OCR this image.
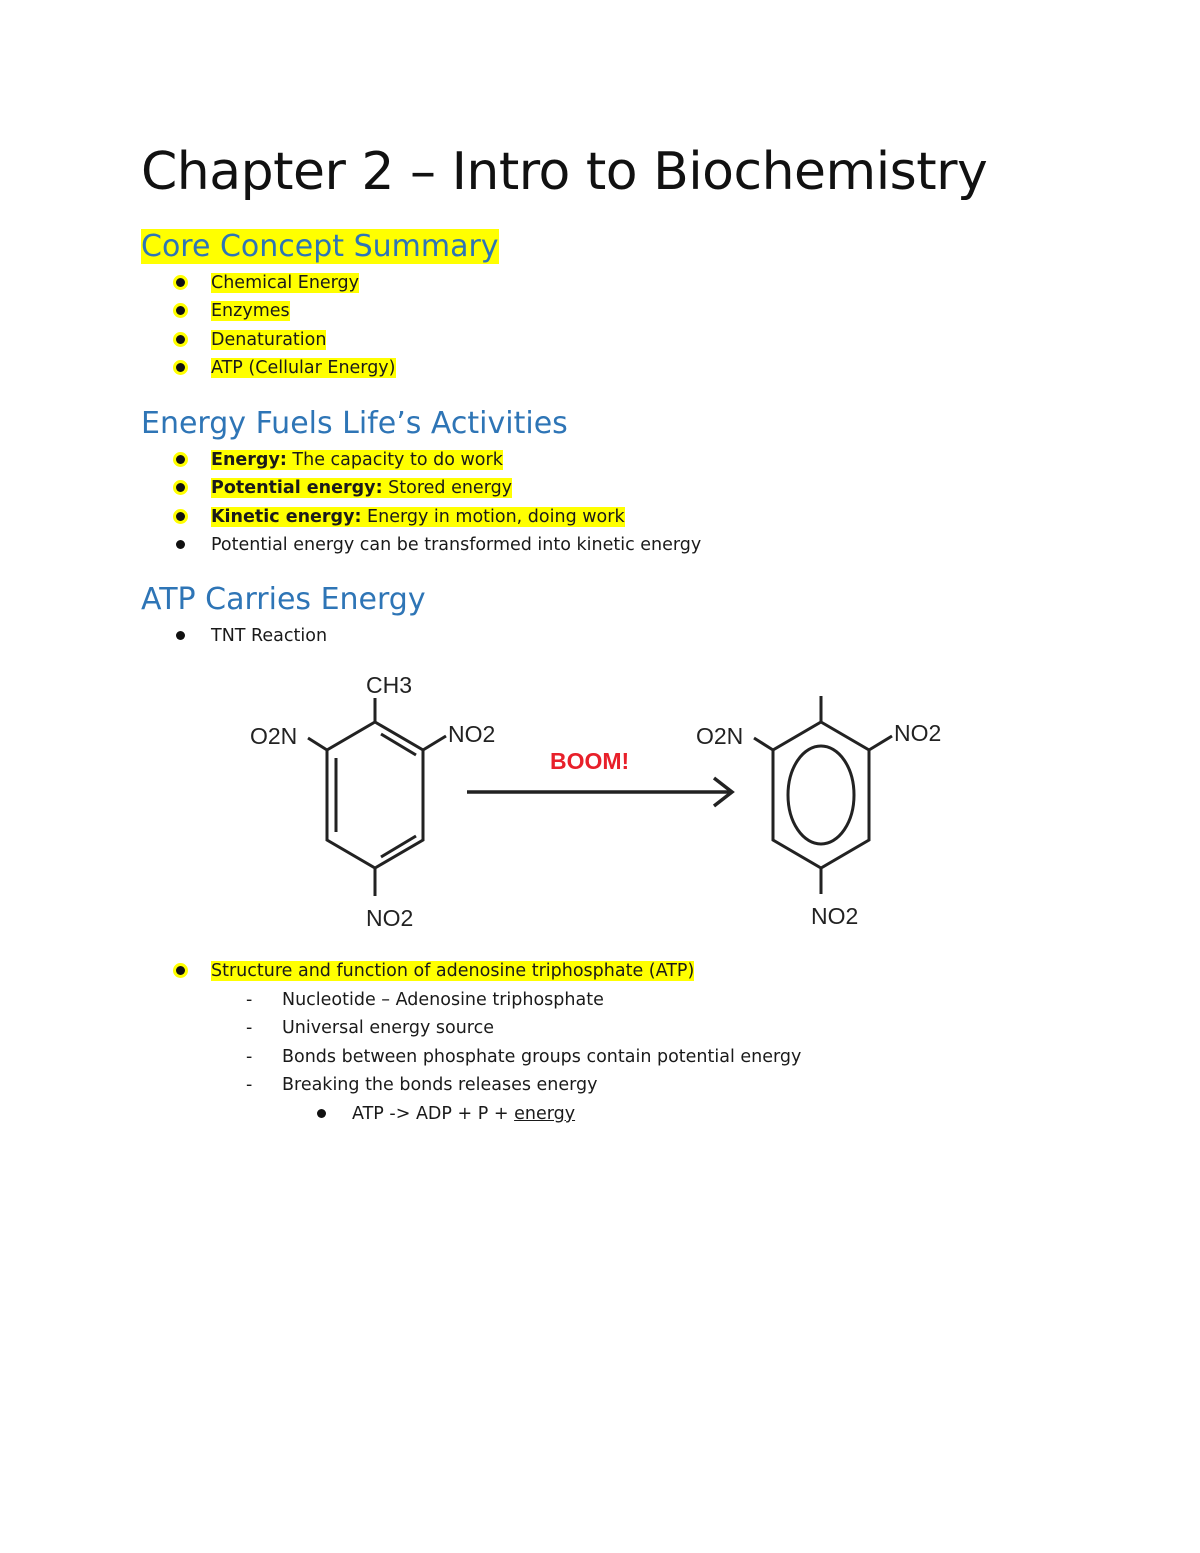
Chapter 2 – Intro to Biochemistry
Core Concept Summary
Chemical Energy
Enzymes
Denaturation
ATP (Cellular Energy)
Energy Fuels Life’s Activities
Energy: The capacity to do work
Potential energy: Stored energy
Kinetic energy: Energy in motion, doing work
Potential energy can be transformed into kinetic energy
ATP Carries Energy
TNT Reaction
CH3
O2N	NO2
NO2
BOOM!
O2N	NO2
NO2
Structure and function of adenosine triphosphate (ATP)
- Nucleotide – Adenosine triphosphate
- Universal energy source
- Bonds between phosphate groups contain potential energy
- Breaking the bonds releases energy
ATP -> ADP + P + energy
